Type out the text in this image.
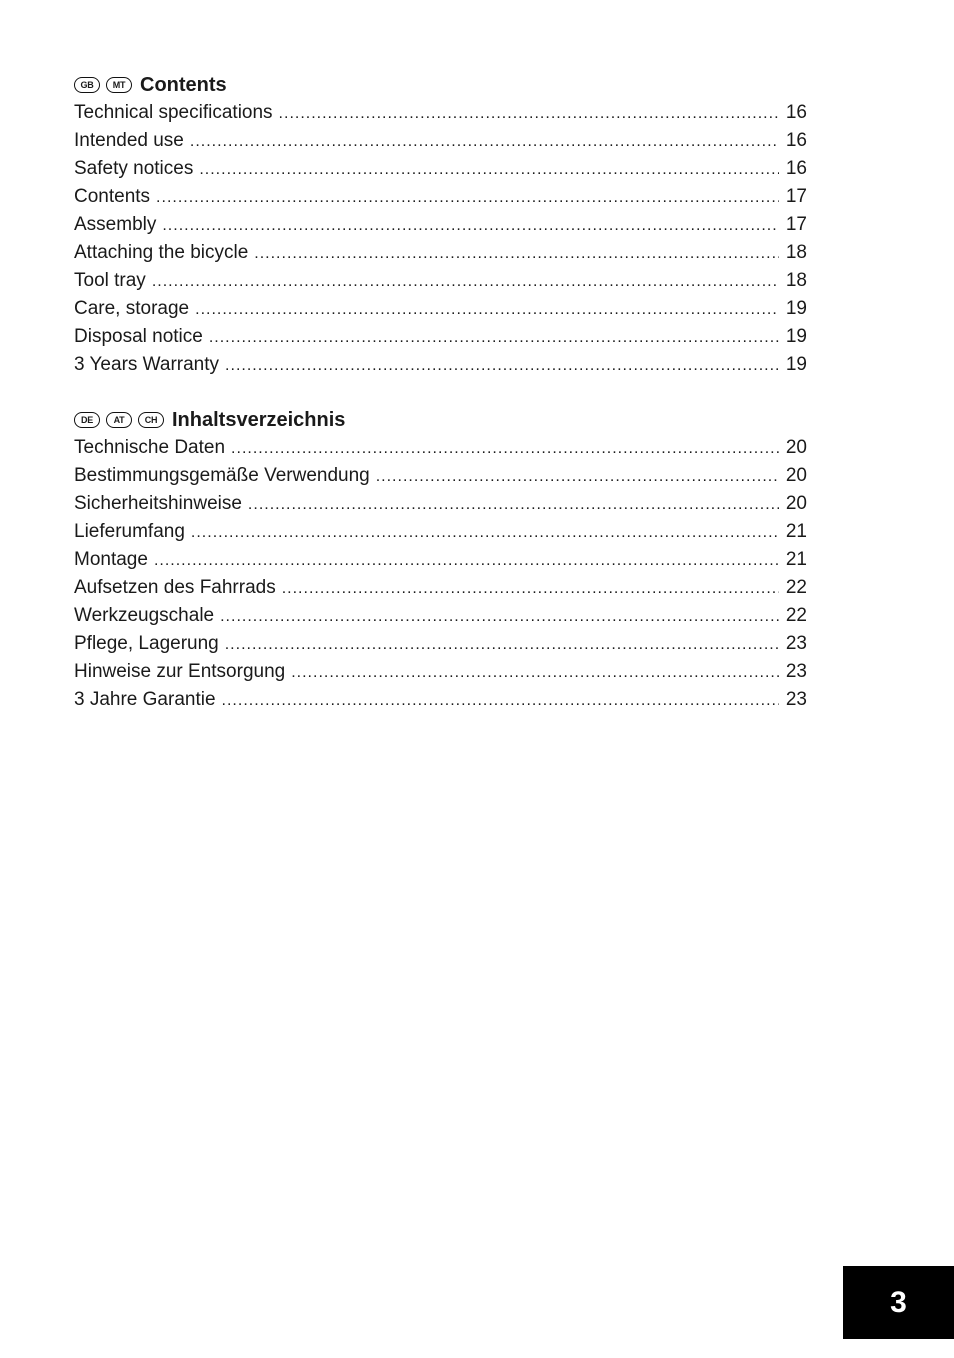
GB	MT Contents
Technical specifications .....	16
Intended use .....	16
Safety notices .....	16
Contents .....	17
Assembly .....	17
Attaching the bicycle .....	18
Tool tray .....	18
Care, storage .....	19
Disposal notice .....	19
3 Years Warranty .....	19
DE	AT	CH Inhaltsverzeichnis
Technische Daten .....	20
Bestimmungsgemäße Verwendung .....	20
Sicherheitshinweise .....	20
Lieferumfang .....	21
Montage .....	21
Aufsetzen des Fahrrads .....	22
Werkzeugschale .....	22
Pflege, Lagerung .....	23
Hinweise zur Entsorgung .....	23
3 Jahre Garantie .....	23
3
